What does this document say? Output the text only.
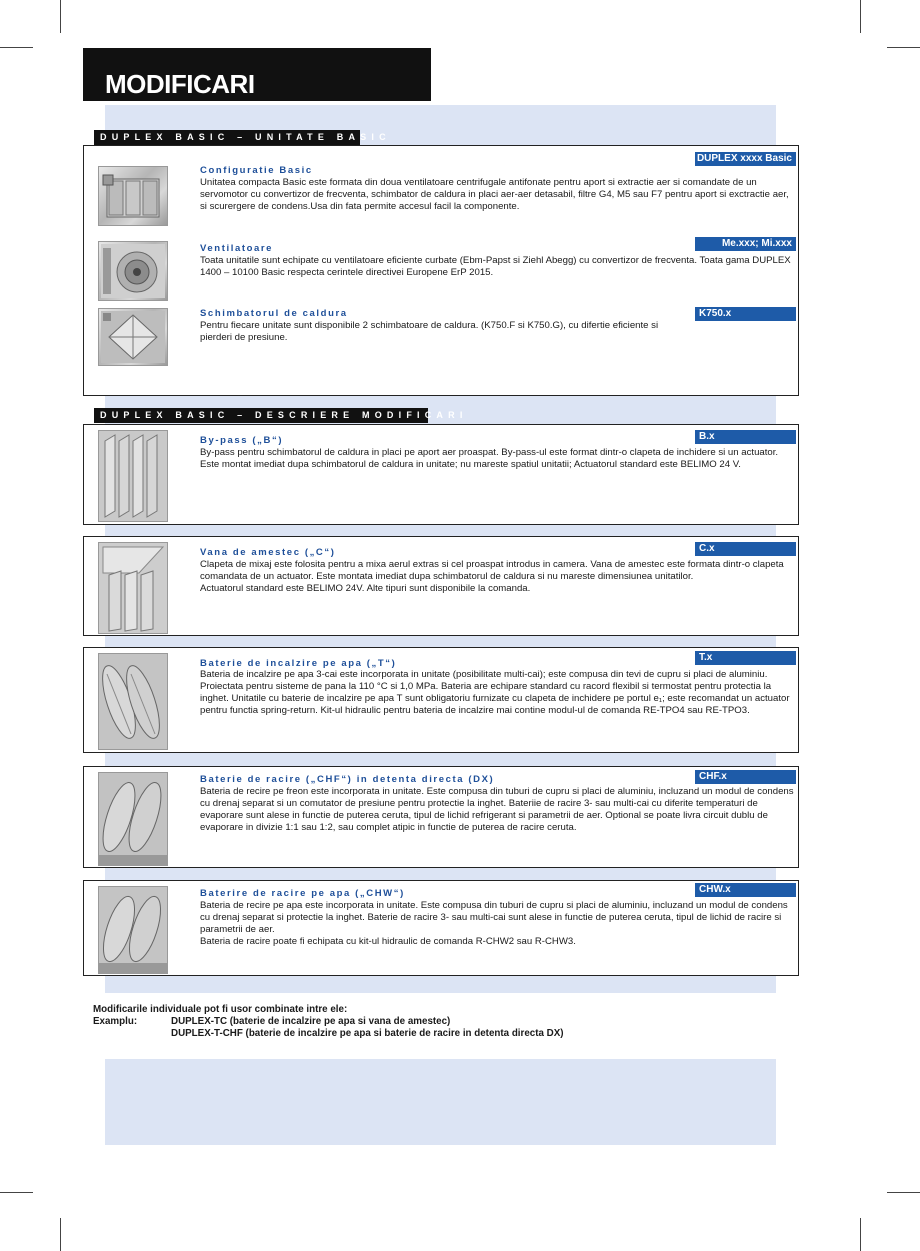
MODIFICARI
DUPLEX BASIC – UNITATE BASIC
DUPLEX xxxx Basic
Configuratie Basic

Unitatea compacta Basic este formata din doua ventilatoare centrifugale antifonate pentru aport si extractie aer si comandate de un servomotor cu convertizor de frecventa, schimbator de caldura in placi aer-aer detasabil, filtre G4, M5 sau F7 pentru aport si exctractie aer, si scurergere de condens.Usa din fata permite accesul facil la componente.

Me.xxx; Mi.xxx
Ventilatoare

Toata unitatile sunt echipate cu ventilatoare eficiente curbate (Ebm-Papst si Ziehl Abegg) cu convertizor de frecventa. Toata gama DUPLEX 1400 – 10100 Basic respecta cerintele directivei Europene ErP 2015.

K750.x
Schimbatorul de caldura

Pentru fiecare unitate sunt disponibile 2 schimbatoare de caldura. (K750.F si K750.G), cu difertie eficiente si pierderi de presiune.

DUPLEX BASIC – DESCRIERE MODIFICARI
B.x
By-pass („B“)

By-pass pentru schimbatorul de caldura in placi pe aport aer proaspat. By-pass-ul este format dintr-o clapeta de inchidere si un actuator.

Este montat imediat dupa schimbatorul de caldura in unitate; nu mareste spatiul unitatii; Actuatorul standard este BELIMO 24 V.

C.x
Vana de amestec („C“)

Clapeta de mixaj este folosita pentru a mixa aerul extras si cel proaspat introdus in camera. Vana de amestec este formata dintr-o clapeta comandata de un actuator. Este montata imediat dupa schimbatorul de caldura si nu mareste dimensiunea unitatilor.

Actuatorul standard este BELIMO 24V. Alte tipuri sunt disponibile la comanda.

T.x
Baterie de incalzire pe apa („T“)

Bateria de incalzire pe apa 3-cai este incorporata in unitate (posibilitate multi-cai); este compusa din tevi de cupru si placi de aluminiu. Proiectata pentru sisteme de pana la 110 °C si 1,0 MPa. Bateria are echipare standard cu racord flexibil si termostat pentru protectia la inghet. Unitatile cu baterie de incalzire pe apa T sunt obligatoriu furnizate cu clapeta de inchidere pe portul e₁; este recomandat un actuator pentru functia spring-return. Kit-ul hidraulic pentru bateria de incalzire mai contine modul-ul de comanda RE-TPO4 sau RE-TPO3.

CHF.x
Baterie de racire („CHF“) in detenta directa (DX)

Bateria de recire pe freon este incorporata in unitate. Este compusa din tuburi de cupru si placi de aluminiu, incluzand un modul de condens cu drenaj separat si un comutator de presiune pentru protectie la inghet. Bateriie de racire 3- sau multi-cai cu diferite temperaturi de evaporare sunt alese in functie de puterea ceruta, tipul de lichid refrigerant si parametrii de aer. Optional se poate livra circuit dublu de evaporare in divizie 1:1 sau 1:2, sau complet atipic in functie de puterea de racire ceruta.

CHW.x
Baterire de racire pe apa („CHW“)

Bateria de recire pe apa este incorporata in unitate. Este compusa din tuburi de cupru si placi de aluminiu, incluzand un modul de condens cu drenaj separat si protectie la inghet. Baterie de racire 3- sau multi-cai sunt alese in functie de puterea ceruta, tipul de lichid de racire si parametrii de aer.

Bateria de racire poate fi echipata cu kit-ul hidraulic de comanda R-CHW2 sau R-CHW3.

Modificarile individuale pot fi usor combinate intre ele:
Examplu:	DUPLEX-TC (baterie de incalzire pe apa si vana de amestec)
DUPLEX-T-CHF (baterie de incalzire pe apa si baterie de racire in detenta directa DX)
